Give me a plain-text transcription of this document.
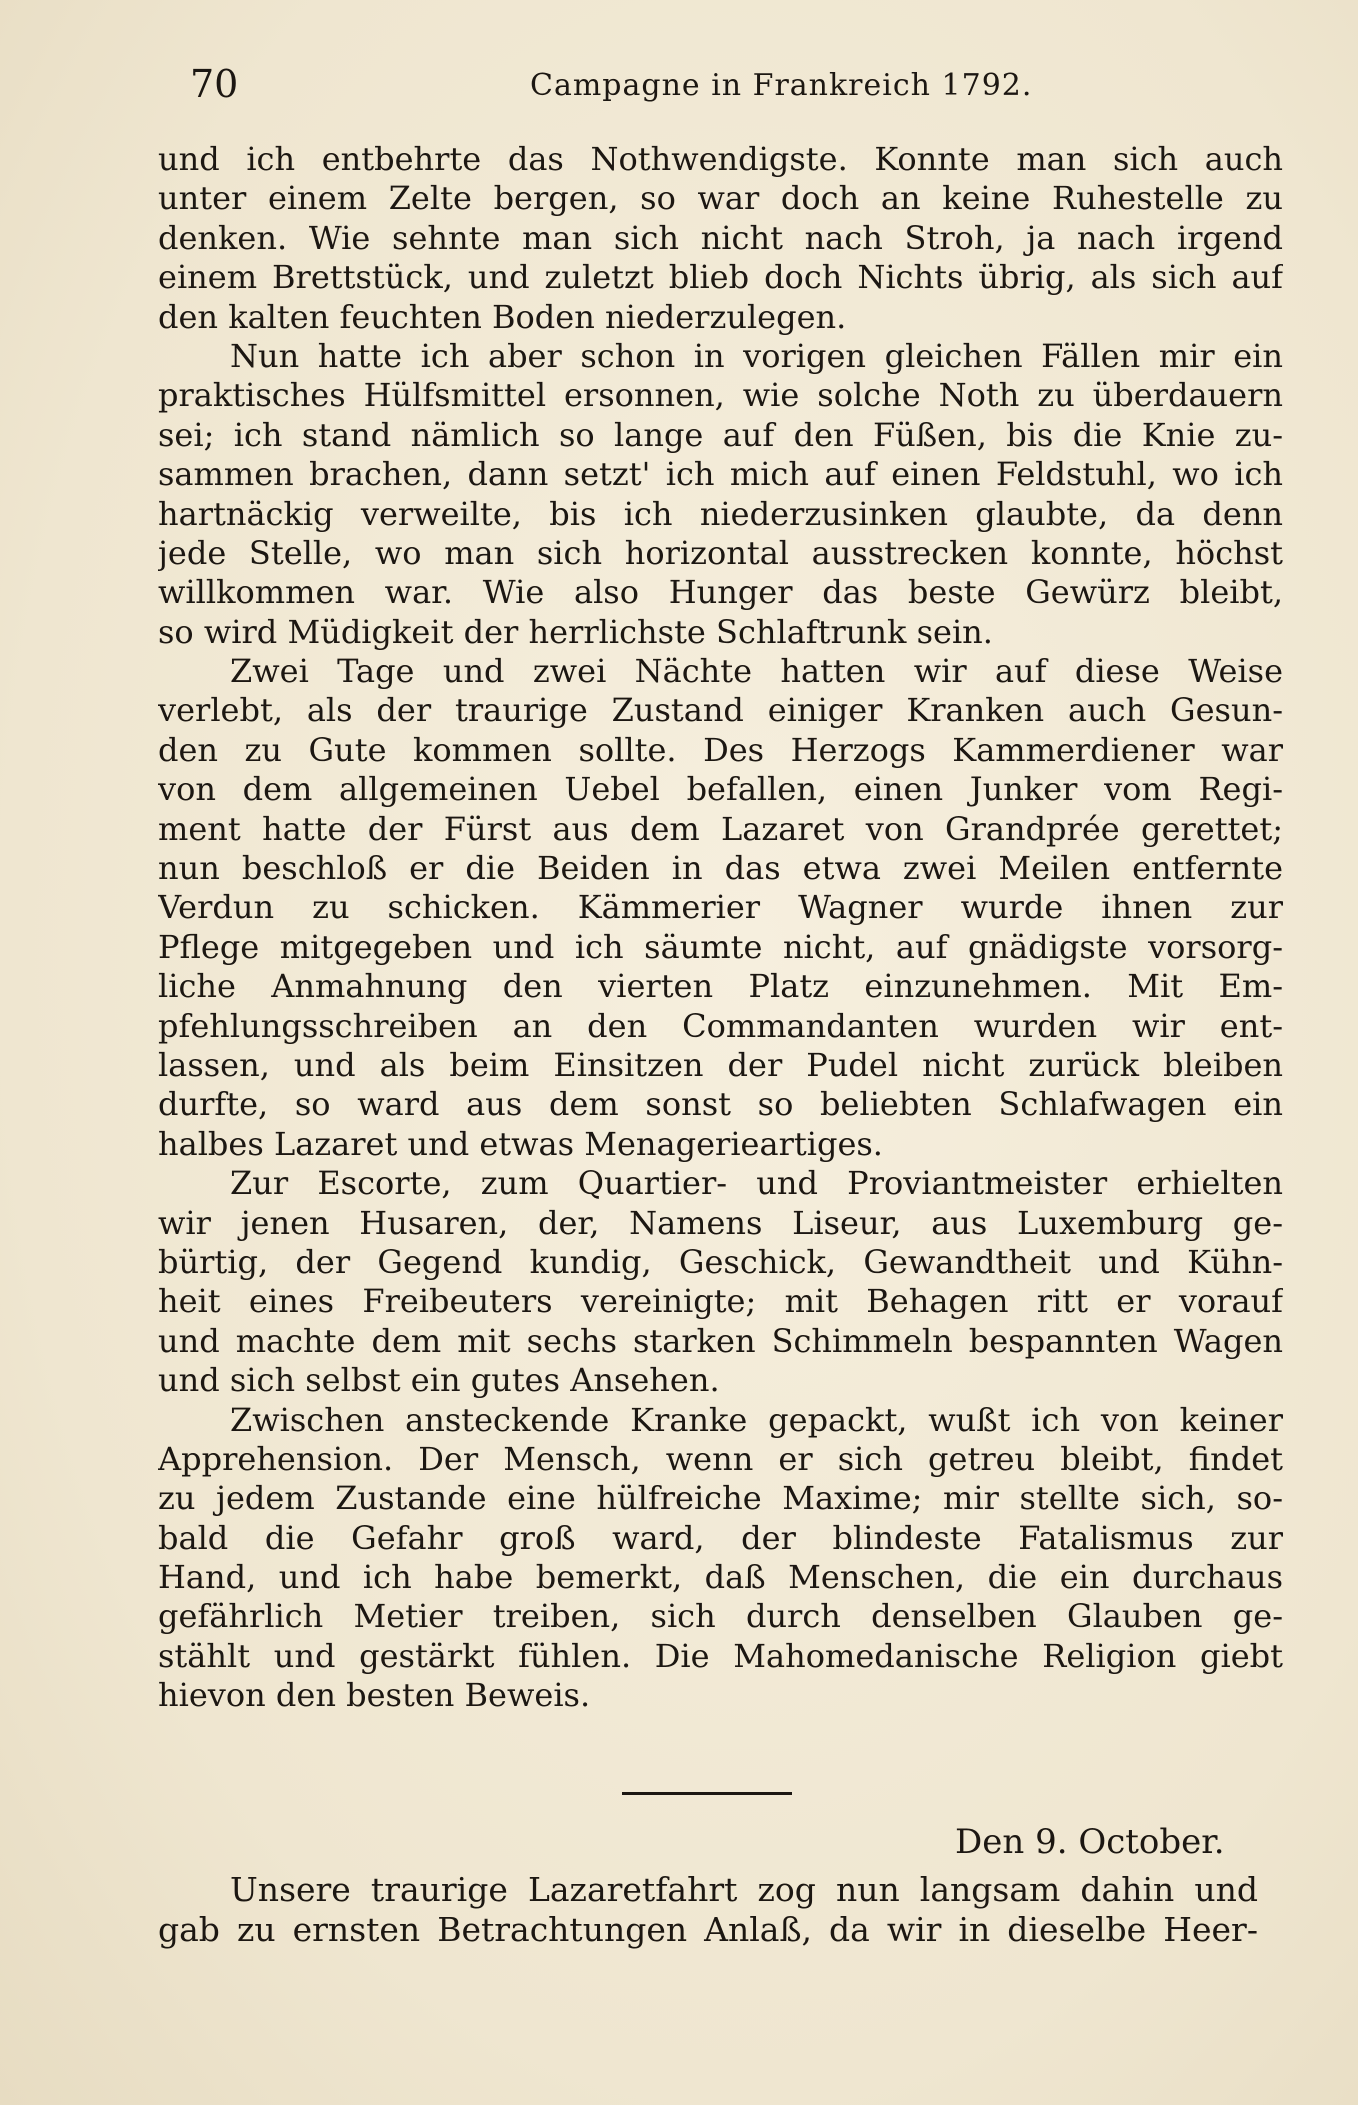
70	Campagne in Frankreich 1792.
und ich entbehrte das Nothwendigste. Konnte man sich auch
unter einem Zelte bergen, so war doch an keine Ruhestelle zu
denken. Wie sehnte man sich nicht nach Stroh, ja nach irgend
einem Brettstück, und zuletzt blieb doch Nichts übrig, als sich auf
den kalten feuchten Boden niederzulegen.
Nun hatte ich aber schon in vorigen gleichen Fällen mir ein
praktisches Hülfsmittel ersonnen, wie solche Noth zu überdauern
sei; ich stand nämlich so lange auf den Füßen, bis die Knie zu-
sammen brachen, dann setzt' ich mich auf einen Feldstuhl, wo ich
hartnäckig verweilte, bis ich niederzusinken glaubte, da denn
jede Stelle, wo man sich horizontal ausstrecken konnte, höchst
willkommen war. Wie also Hunger das beste Gewürz bleibt,
so wird Müdigkeit der herrlichste Schlaftrunk sein.
Zwei Tage und zwei Nächte hatten wir auf diese Weise
verlebt, als der traurige Zustand einiger Kranken auch Gesun-
den zu Gute kommen sollte. Des Herzogs Kammerdiener war
von dem allgemeinen Uebel befallen, einen Junker vom Regi-
ment hatte der Fürst aus dem Lazaret von Grandprée gerettet;
nun beschloß er die Beiden in das etwa zwei Meilen entfernte
Verdun zu schicken. Kämmerier Wagner wurde ihnen zur
Pflege mitgegeben und ich säumte nicht, auf gnädigste vorsorg-
liche Anmahnung den vierten Platz einzunehmen. Mit Em-
pfehlungsschreiben an den Commandanten wurden wir ent-
lassen, und als beim Einsitzen der Pudel nicht zurück bleiben
durfte, so ward aus dem sonst so beliebten Schlafwagen ein
halbes Lazaret und etwas Menageriеartiges.
Zur Escorte, zum Quartier- und Proviantmeister erhielten
wir jenen Husaren, der, Namens Liseur, aus Luxemburg ge-
bürtig, der Gegend kundig, Geschick, Gewandtheit und Kühn-
heit eines Freibeuters vereinigte; mit Behagen ritt er vorauf
und machte dem mit sechs starken Schimmeln bespannten Wagen
und sich selbst ein gutes Ansehen.
Zwischen ansteckende Kranke gepackt, wußt ich von keiner
Apprehension. Der Mensch, wenn er sich getreu bleibt, findet
zu jedem Zustande eine hülfreiche Maxime; mir stellte sich, so-
bald die Gefahr groß ward, der blindeste Fatalismus zur
Hand, und ich habe bemerkt, daß Menschen, die ein durchaus
gefährlich Metier treiben, sich durch denselben Glauben ge-
stählt und gestärkt fühlen. Die Mahomedanische Religion giebt
hievon den besten Beweis.
Den 9. October.
Unsere traurige Lazaretfahrt zog nun langsam dahin und
gab zu ernsten Betrachtungen Anlaß, da wir in dieselbe Heer-
